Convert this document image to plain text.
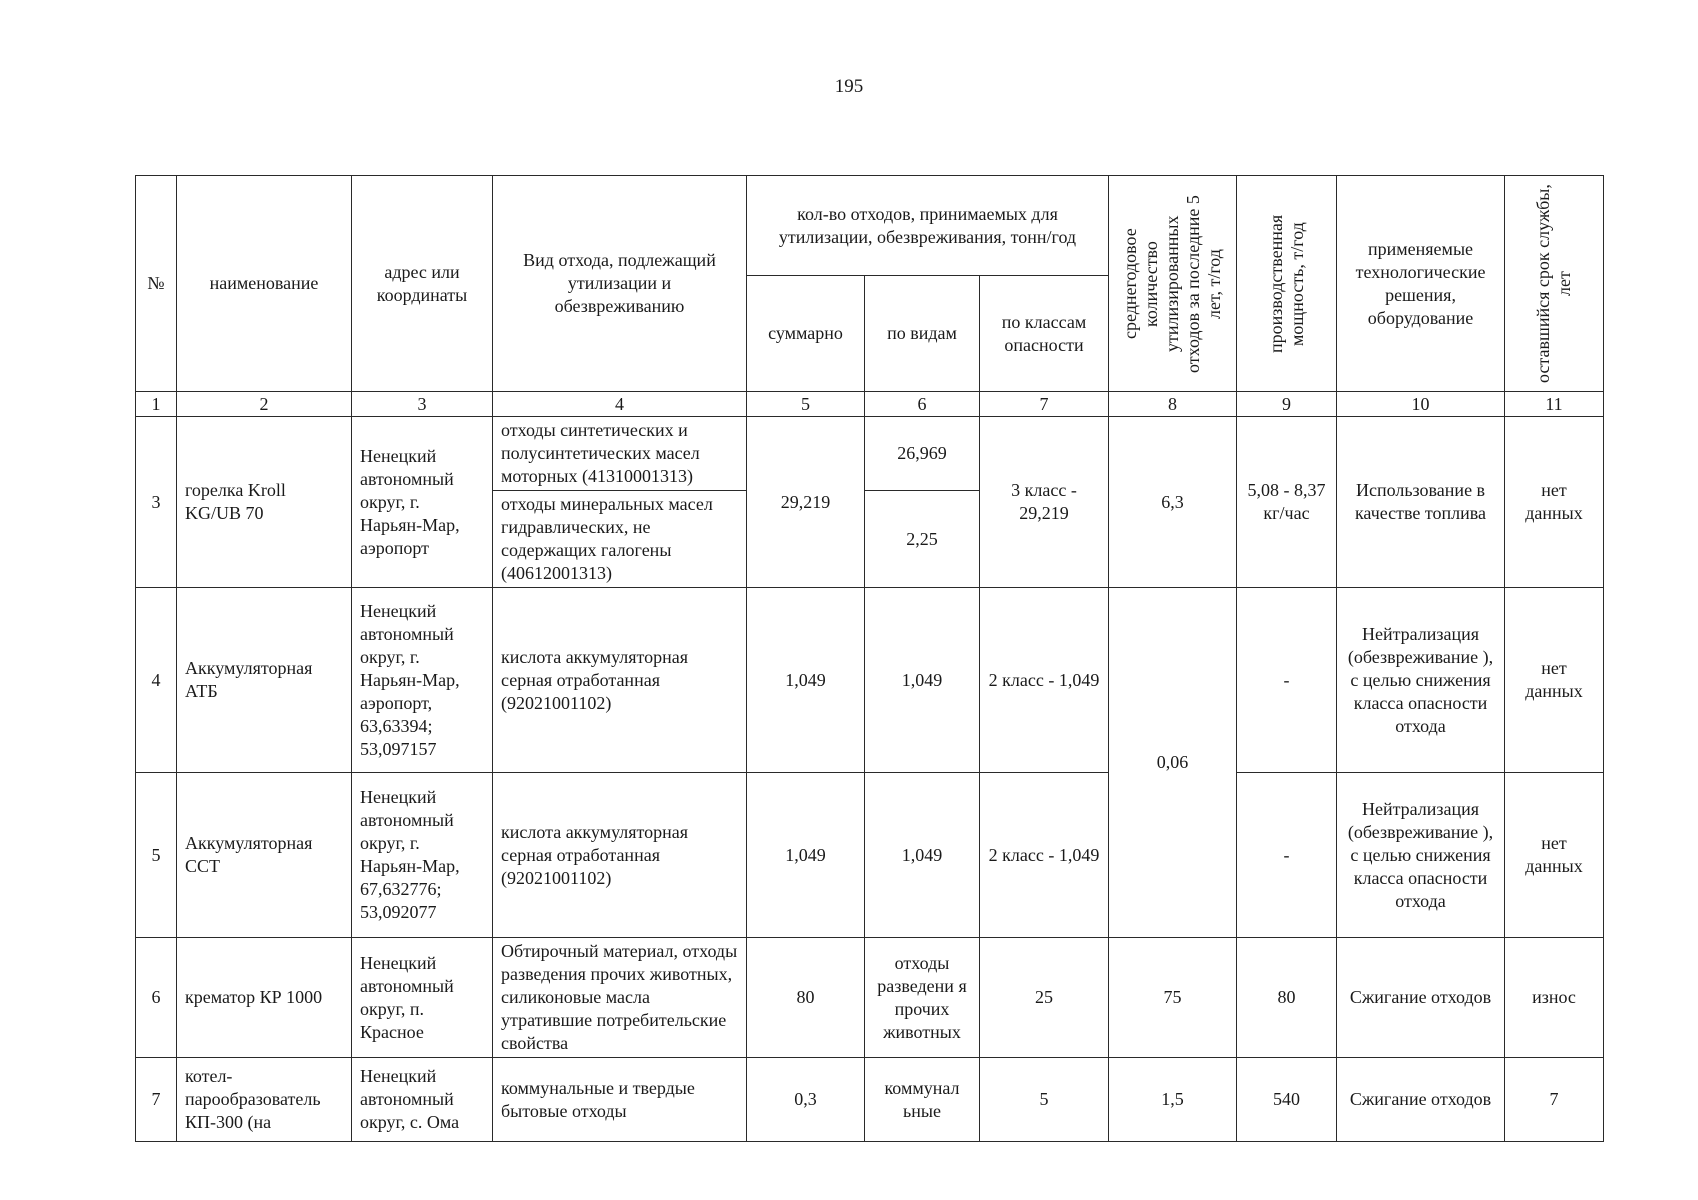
195
№	наименование	адрес или координаты	Вид отхода, подлежащий утилизации и обезвреживанию	кол-во отходов, принимаемых для утилизации, обезвреживания, тонн/год			среднегодовое количество утилизированных отходов за последние 5 лет, т/год	производственная мощность, т/год	применяемые технологические решения, оборудование	оставшийся срок службы, лет

				суммарно	по видам	по классам опасности				
1	2	3	4	5	6	7	8	9	10	11
3	горелка Kroll KG/UB 70	Ненецкий автономный округ, г. Нарьян-Мар, аэропорт	отходы синтетических и полусинтетических масел моторных (41310001313)	29,219	26,969	3 класс - 29,219	6,3	5,08 - 8,37 кг/час	Использование в качестве топлива	нет данных
			отходы минеральных масел гидравлических, не содержащих галогены (40612001313)		2,25					
4	Аккумуляторная АТБ	Ненецкий автономный округ, г. Нарьян-Мар, аэропорт, 63,63394; 53,097157	кислота аккумуляторная серная отработанная (92021001102)	1,049	1,049	2 класс - 1,049	0,06	-	Нейтрализация (обезвреживание ), с целью снижения класса опасности отхода	нет данных
5	Аккумуляторная ССТ	Ненецкий автономный округ, г. Нарьян-Мар, 67,632776; 53,092077	кислота аккумуляторная серная отработанная (92021001102)	1,049	1,049	2 класс - 1,049		-	Нейтрализация (обезвреживание ), с целью снижения класса опасности отхода	нет данных
6	крематор КР 1000	Ненецкий автономный округ, п. Красное	Обтирочный материал, отходы разведения прочих животных, силиконовые масла утратившие потребительские свойства	80	отходы разведени я прочих животных	25	75	80	Сжигание отходов	износ
7	котел-парообразователь КП-300 (на	Ненецкий автономный округ, с. Ома	коммунальные и твердые бытовые отходы	0,3	коммунал ьные	5	1,5	540	Сжигание отходов	7
